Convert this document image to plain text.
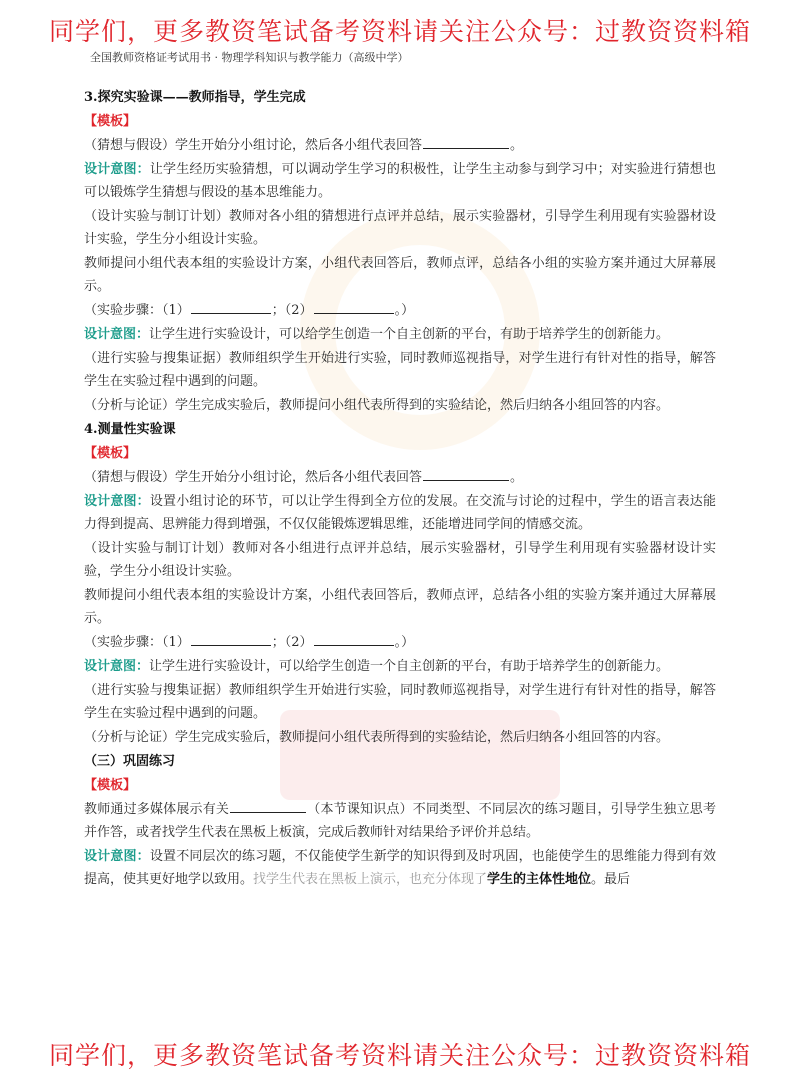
同学们，更多教资笔试备考资料请关注公众号：过教资资料箱
全国教师资格证考试用书 · 物理学科知识与教学能力（高级中学）

3.探究实验课——教师指导，学生完成

【模板】

（猜想与假设）学生开始分小组讨论，然后各小组代表回答	。

设计意图：让学生经历实验猜想，可以调动学生学习的积极性，让学生主动参与到学习中；对实验进行猜想也可以锻炼学生猜想与假设的基本思维能力。

（设计实验与制订计划）教师对各小组的猜想进行点评并总结，展示实验器材，引导学生利用现有实验器材设计实验，学生分小组设计实验。

教师提问小组代表本组的实验设计方案，小组代表回答后，教师点评，总结各小组的实验方案并通过大屏幕展示。

（实验步骤：（1）	；（2）	。）

设计意图：让学生进行实验设计，可以给学生创造一个自主创新的平台，有助于培养学生的创新能力。

（进行实验与搜集证据）教师组织学生开始进行实验，同时教师巡视指导，对学生进行有针对性的指导，解答学生在实验过程中遇到的问题。

（分析与论证）学生完成实验后，教师提问小组代表所得到的实验结论，然后归纳各小组回答的内容。

4.测量性实验课

【模板】

（猜想与假设）学生开始分小组讨论，然后各小组代表回答	。

设计意图：设置小组讨论的环节，可以让学生得到全方位的发展。在交流与讨论的过程中，学生的语言表达能力得到提高、思辨能力得到增强，不仅仅能锻炼逻辑思维，还能增进同学间的情感交流。

（设计实验与制订计划）教师对各小组进行点评并总结，展示实验器材，引导学生利用现有实验器材设计实验，学生分小组设计实验。

教师提问小组代表本组的实验设计方案，小组代表回答后，教师点评，总结各小组的实验方案并通过大屏幕展示。

（实验步骤：（1）	；（2）	。）

设计意图：让学生进行实验设计，可以给学生创造一个自主创新的平台，有助于培养学生的创新能力。

（进行实验与搜集证据）教师组织学生开始进行实验，同时教师巡视指导，对学生进行有针对性的指导，解答学生在实验过程中遇到的问题。

（分析与论证）学生完成实验后，教师提问小组代表所得到的实验结论，然后归纳各小组回答的内容。

（三）巩固练习

【模板】

教师通过多媒体展示有关	（本节课知识点）不同类型、不同层次的练习题目，引导学生独立思考并作答，或者找学生代表在黑板上板演，完成后教师针对结果给予评价并总结。

设计意图：设置不同层次的练习题，不仅能使学生新学的知识得到及时巩固，也能使学生的思维能力得到有效提高，使其更好地学以致用。找学生代表在黑板上演示，也充分体现了学生的主体性地位。最后

同学们，更多教资笔试备考资料请关注公众号：过教资资料箱
